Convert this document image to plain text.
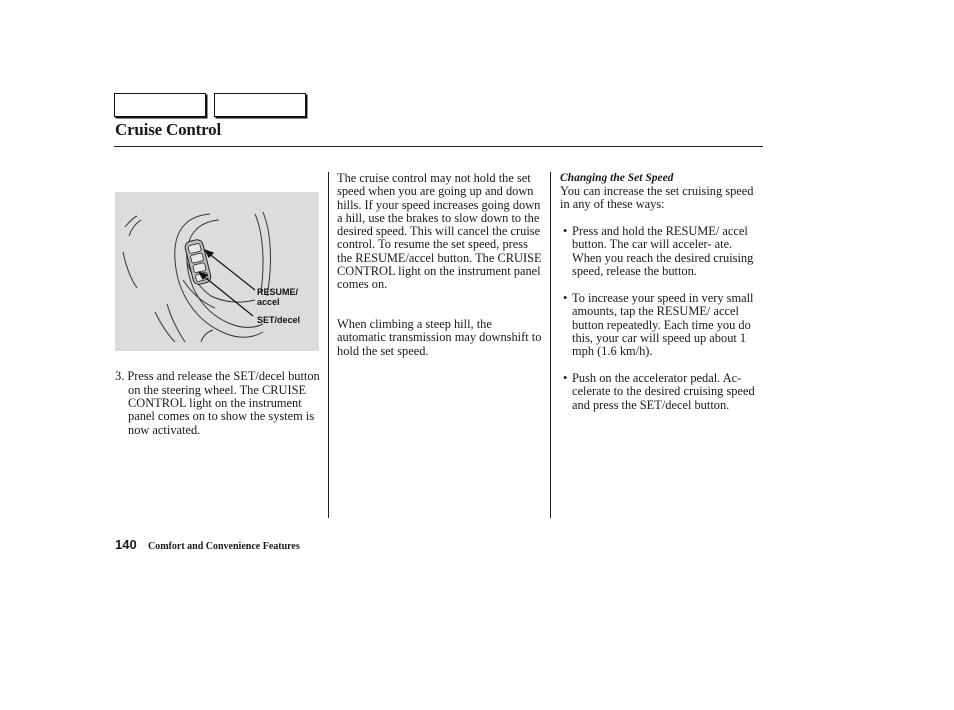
Cruise Control
RESUME/
accel
SET/decel

3. Press and release the SET/decel button on the steering wheel. The CRUISE CONTROL light on the instrument panel comes on to show the system is now activated.

The cruise control may not hold the set speed when you are going up and down hills. If your speed increases going down a hill, use the brakes to slow down to the desired speed. This will cancel the cruise control. To resume the set speed, press the RESUME/accel button. The CRUISE CONTROL light on the instrument panel comes on.

When climbing a steep hill, the automatic transmission may downshift to hold the set speed.

Changing the Set Speed

You can increase the set cruising speed in any of these ways:

• Press and hold the RESUME/ accel button. The car will acceler- ate. When you reach the desired cruising speed, release the button.
• To increase your speed in very small amounts, tap the RESUME/ accel button repeatedly. Each time you do this, your car will speed up about 1 mph (1.6 km/h).
• Push on the accelerator pedal. Ac- celerate to the desired cruising speed and press the SET/decel button.
140 Comfort and Convenience Features
